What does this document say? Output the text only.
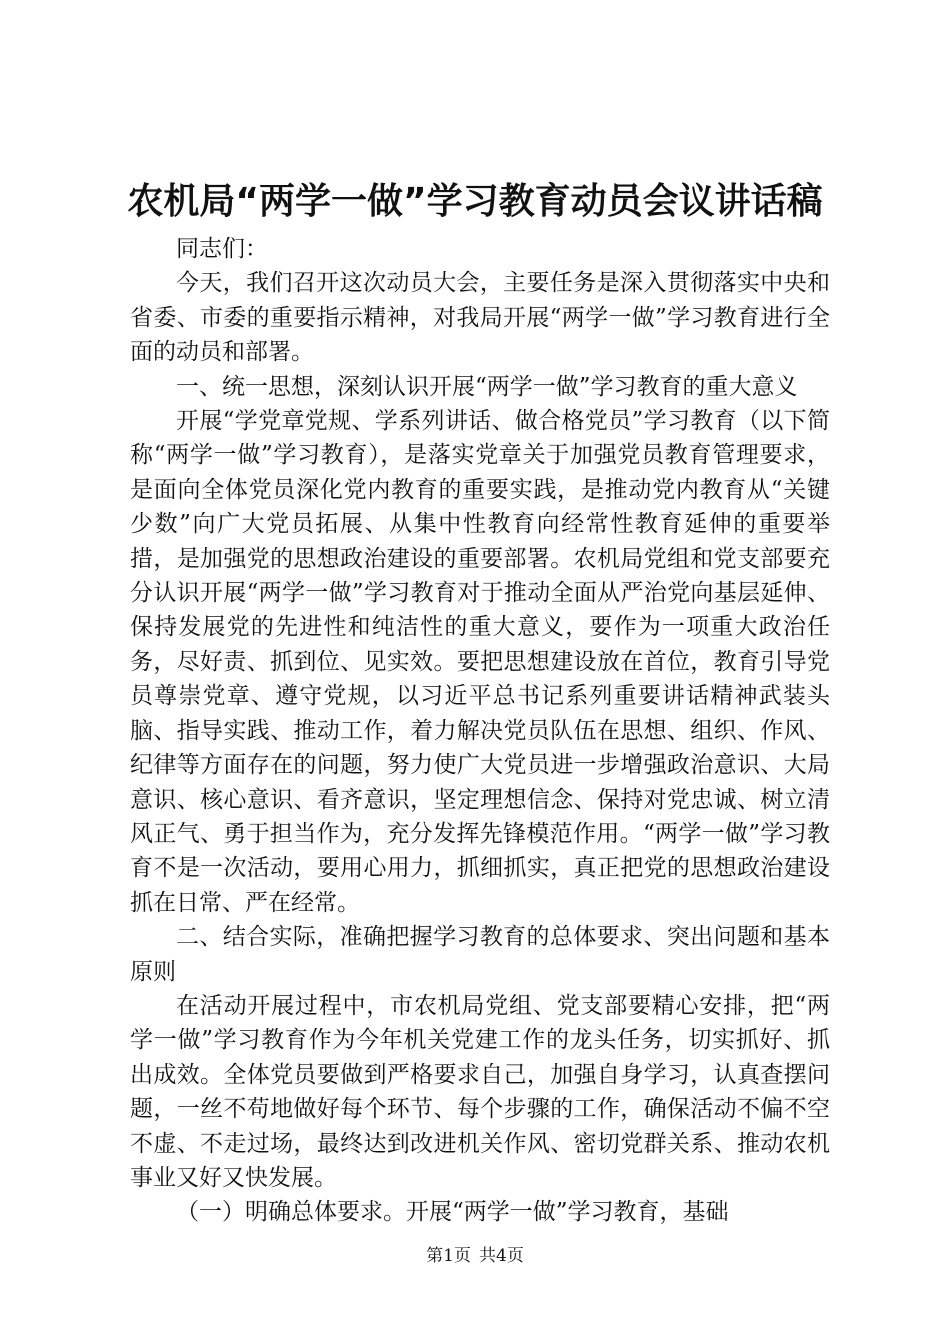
农机局“两学一做”学习教育动员会议讲话稿

同志们：

今天，我们召开这次动员大会，主要任务是深入贯彻落实中央和省委、市委的重要指示精神，对我局开展“两学一做”学习教育进行全面的动员和部署。

一、统一思想，深刻认识开展“两学一做”学习教育的重大意义

开展“学党章党规、学系列讲话、做合格党员”学习教育（以下简称“两学一做”学习教育），是落实党章关于加强党员教育管理要求，是面向全体党员深化党内教育的重要实践，是推动党内教育从“关键少数”向广大党员拓展、从集中性教育向经常性教育延伸的重要举措，是加强党的思想政治建设的重要部署。农机局党组和党支部要充分认识开展“两学一做”学习教育对于推动全面从严治党向基层延伸、保持发展党的先进性和纯洁性的重大意义，要作为一项重大政治任务，尽好责、抓到位、见实效。要把思想建设放在首位，教育引导党员尊崇党章、遵守党规，以习近平总书记系列重要讲话精神武装头脑、指导实践、推动工作，着力解决党员队伍在思想、组织、作风、纪律等方面存在的问题，努力使广大党员进一步增强政治意识、大局意识、核心意识、看齐意识，坚定理想信念、保持对党忠诚、树立清风正气、勇于担当作为，充分发挥先锋模范作用。“两学一做”学习教育不是一次活动，要用心用力，抓细抓实，真正把党的思想政治建设抓在日常、严在经常。

二、结合实际，准确把握学习教育的总体要求、突出问题和基本原则

在活动开展过程中，市农机局党组、党支部要精心安排，把“两学一做”学习教育作为今年机关党建工作的龙头任务，切实抓好、抓出成效。全体党员要做到严格要求自己，加强自身学习，认真查摆问题，一丝不苟地做好每个环节、每个步骤的工作，确保活动不偏不空不虚、不走过场，最终达到改进机关作风、密切党群关系、推动农机事业又好又快发展。

（一）明确总体要求。开展“两学一做”学习教育，基础

第1页 共4页
